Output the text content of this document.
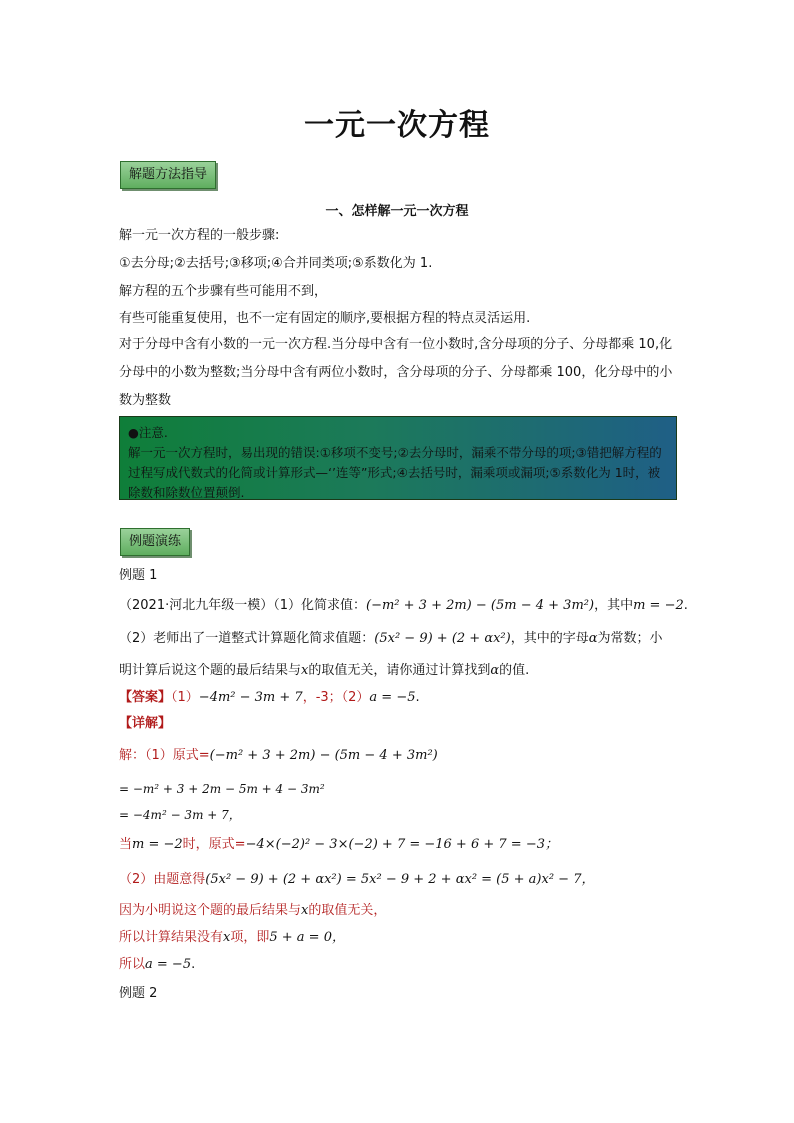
一元一次方程
解题方法指导
一、怎样解一元一次方程
解一元一次方程的一般步骤:
①去分母;②去括号;③移项;④合并同类项;⑤系数化为 1.
解方程的五个步骤有些可能用不到，
有些可能重复使用，也不一定有固定的顺序,要根据方程的特点灵活运用.
对于分母中含有小数的一元一次方程.当分母中含有一位小数时,含分母项的分子、分母都乘 10,化分母中的小数为整数;当分母中含有两位小数时，含分母项的分子、分母都乘 100，化分母中的小数为整数
●注意.
解一元一次方程时，易出现的错误:①移项不变号;②去分母时，漏乘不带分母的项;③错把解方程的过程写成代数式的化简或计算形式—‘’连等”形式;④去括号时，漏乘项或漏项;⑤系数化为 1时，被除数和除数位置颠倒.
例题演练
例题 1
（2021·河北九年级一模）（1）化简求值：(−m² + 3 + 2m) − (5m − 4 + 3m²)，其中m = −2.
（2）老师出了一道整式计算题化简求值题：(5x² − 9) + (2 + αx²)，其中的字母α为常数；小
明计算后说这个题的最后结果与x的取值无关，请你通过计算找到α的值.
【答案】（1）−4m² − 3m + 7，-3；（2）a = −5.
【详解】
解：（1）原式=(−m² + 3 + 2m) − (5m − 4 + 3m²)
= −m² + 3 + 2m − 5m + 4 − 3m²
= −4m² − 3m + 7，
当m = −2时，原式=−4×(−2)² − 3×(−2) + 7 = −16 + 6 + 7 = −3；
（2）由题意得(5x² − 9) + (2 + αx²) = 5x² − 9 + 2 + αx² = (5 + a)x² − 7，
因为小明说这个题的最后结果与x的取值无关，
所以计算结果没有x项，即5 + a = 0，
所以a = −5.
例题 2
